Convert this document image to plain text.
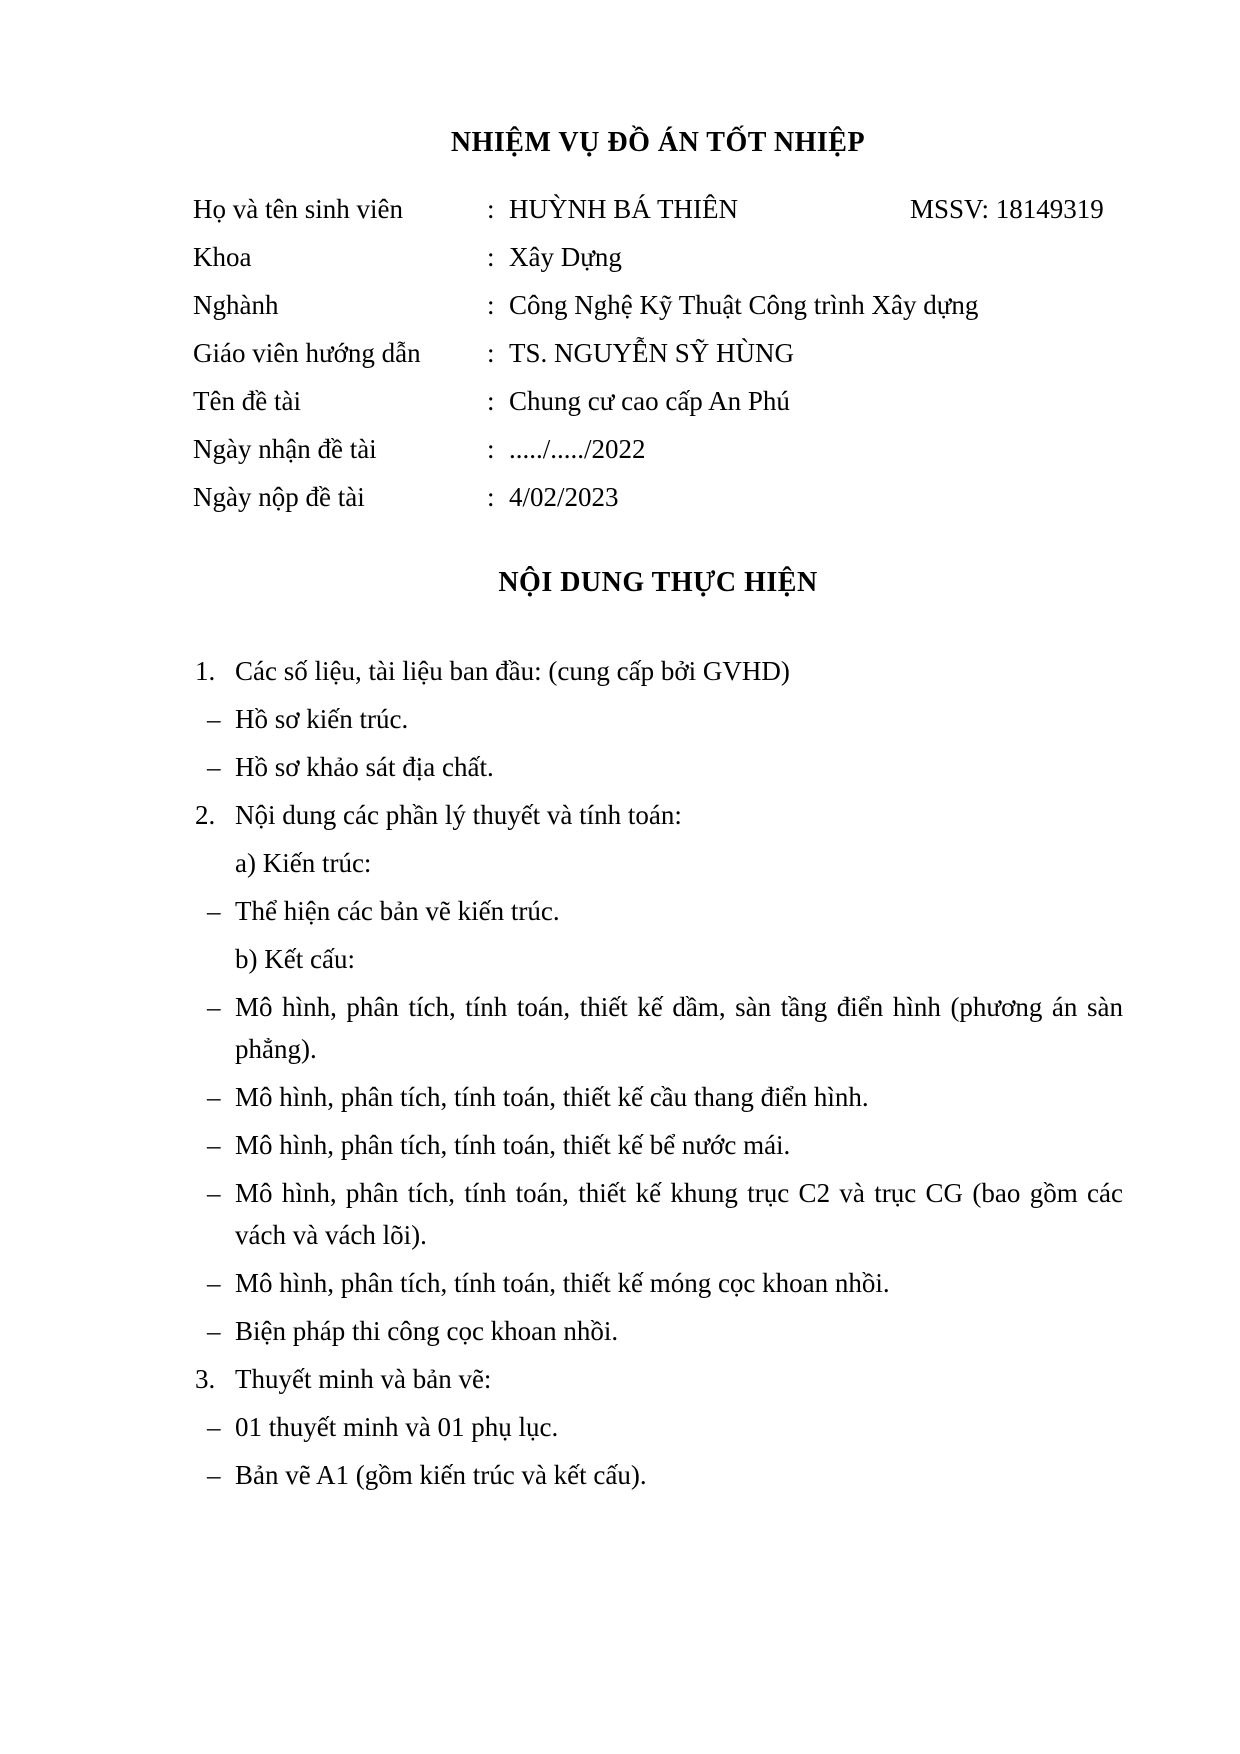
NHIỆM VỤ ĐỒ ÁN TỐT NHIỆP
Họ và tên sinh viên	: HUỲNH BÁ THIÊN	MSSV: 18149319
Khoa	: Xây Dựng
Nghành	: Công Nghệ Kỹ Thuật Công trình Xây dựng
Giáo viên hướng dẫn : TS. NGUYỄN SỸ HÙNG
Tên đề tài	: Chung cư cao cấp An Phú
Ngày nhận đề tài	: ...../...../2022
Ngày nộp đề tài	: 4/02/2023
NỘI DUNG THỰC HIỆN
1. Các số liệu, tài liệu ban đầu: (cung cấp bởi GVHD)
– Hồ sơ kiến trúc.
– Hồ sơ khảo sát địa chất.
2. Nội dung các phần lý thuyết và tính toán:
a) Kiến trúc:
– Thể hiện các bản vẽ kiến trúc.
b) Kết cấu:
– Mô hình, phân tích, tính toán, thiết kế dầm, sàn tầng điển hình (phương án sàn phẳng).
– Mô hình, phân tích, tính toán, thiết kế cầu thang điển hình.
– Mô hình, phân tích, tính toán, thiết kế bể nước mái.
– Mô hình, phân tích, tính toán, thiết kế khung trục C2 và trục CG (bao gồm các vách và vách lõi).
– Mô hình, phân tích, tính toán, thiết kế móng cọc khoan nhồi.
– Biện pháp thi công cọc khoan nhồi.
3. Thuyết minh và bản vẽ:
– 01 thuyết minh và 01 phụ lục.
– Bản vẽ A1 (gồm kiến trúc và kết cấu).
